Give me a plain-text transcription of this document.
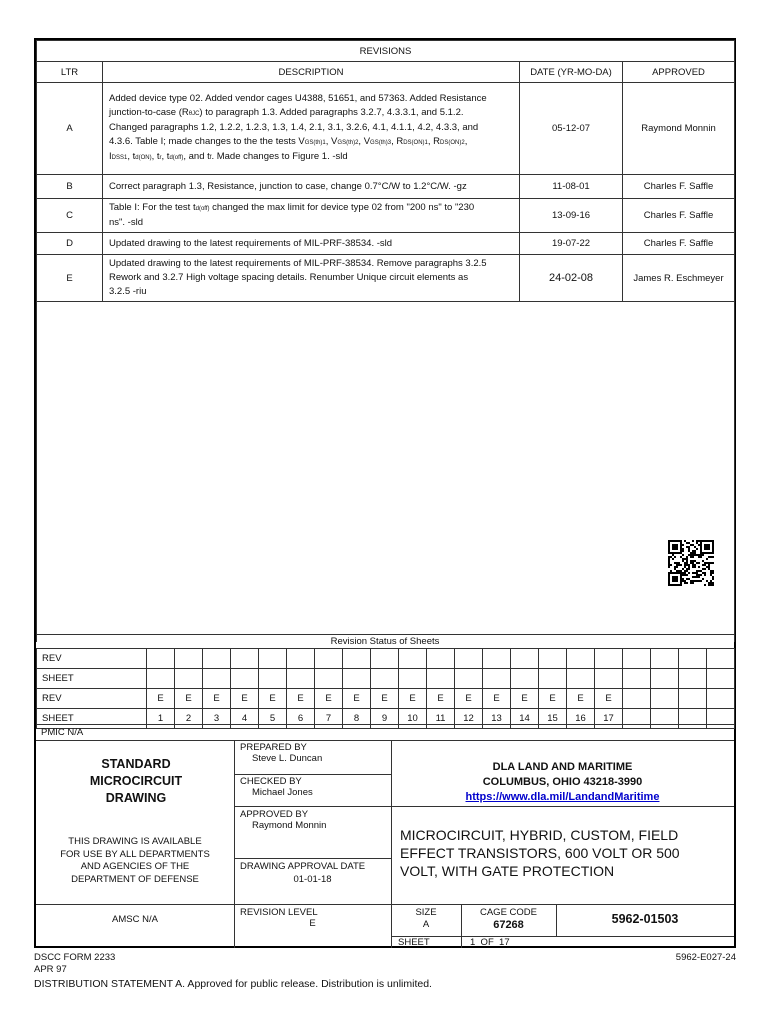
REVISIONS			
LTR	DESCRIPTION	DATE (YR-MO-DA)	APPROVED
A	Added device type 02. Added vendor cages U4388, 51651, and 57363. Added Resistance
junction-to-case (RθJC) to paragraph 1.3. Added paragraphs 3.2.7, 4.3.3.1, and 5.1.2.
Changed paragraphs 1.2, 1.2.2, 1.2.3, 1.3, 1.4, 2.1, 3.1, 3.2.6, 4.1, 4.1.1, 4.2, 4.3.3, and
4.3.6. Table I; made changes to the the tests VGS(th)1, VGS(th)2, VGS(th)3, RDS(ON)1, RDS(ON)2,
IDSS1, td(ON), tr, td(off), and tf. Made changes to Figure 1. -sld	05-12-07	Raymond Monnin
B	Correct paragraph 1.3, Resistance, junction to case, change 0.7°C/W to 1.2°C/W. -gz	11-08-01	Charles F. Saffle
C	Table I: For the test td(off) changed the max limit for device type 02 from "200 ns" to "230
ns". -sld	13-09-16	Charles F. Saffle
D	Updated drawing to the latest requirements of MIL-PRF-38534. -sld	19-07-22	Charles F. Saffle
E	Updated drawing to the latest requirements of MIL-PRF-38534. Remove paragraphs 3.2.5
Rework and 3.2.7 High voltage spacing details. Renumber Unique circuit elements as
3.2.5 -riu	24-02-08	James R. Eschmeyer

Revision Status of Sheets
REV																						
SHEET																						
REV		E	E	E	E	E	E	E	E	E	E	E	E	E	E	E	E	E				
SHEET		1	2	3	4	5	6	7	8	9	10	11	12	13	14	15	16	17				
PMIC N/A
STANDARD
MICROCIRCUIT
DRAWING
THIS DRAWING IS AVAILABLE
FOR USE BY ALL DEPARTMENTS
AND AGENCIES OF THE
DEPARTMENT OF DEFENSE
AMSC N/A
PREPARED BY
Steve L. Duncan
CHECKED BY
Michael Jones
APPROVED BY
Raymond Monnin
DRAWING APPROVAL DATE
01-01-18
REVISION LEVEL
E
DLA LAND AND MARITIME
COLUMBUS, OHIO 43218-3990
https://www.dla.mil/LandandMaritime
MICROCIRCUIT, HYBRID, CUSTOM, FIELD
EFFECT TRANSISTORS, 600 VOLT OR 500
VOLT, WITH GATE PROTECTION
SIZE
A
CAGE CODE
67268	5962-01503
SHEET	1  OF  17
DSCC FORM 2233
APR 97
5962-E027-24
DISTRIBUTION STATEMENT A. Approved for public release. Distribution is unlimited.
